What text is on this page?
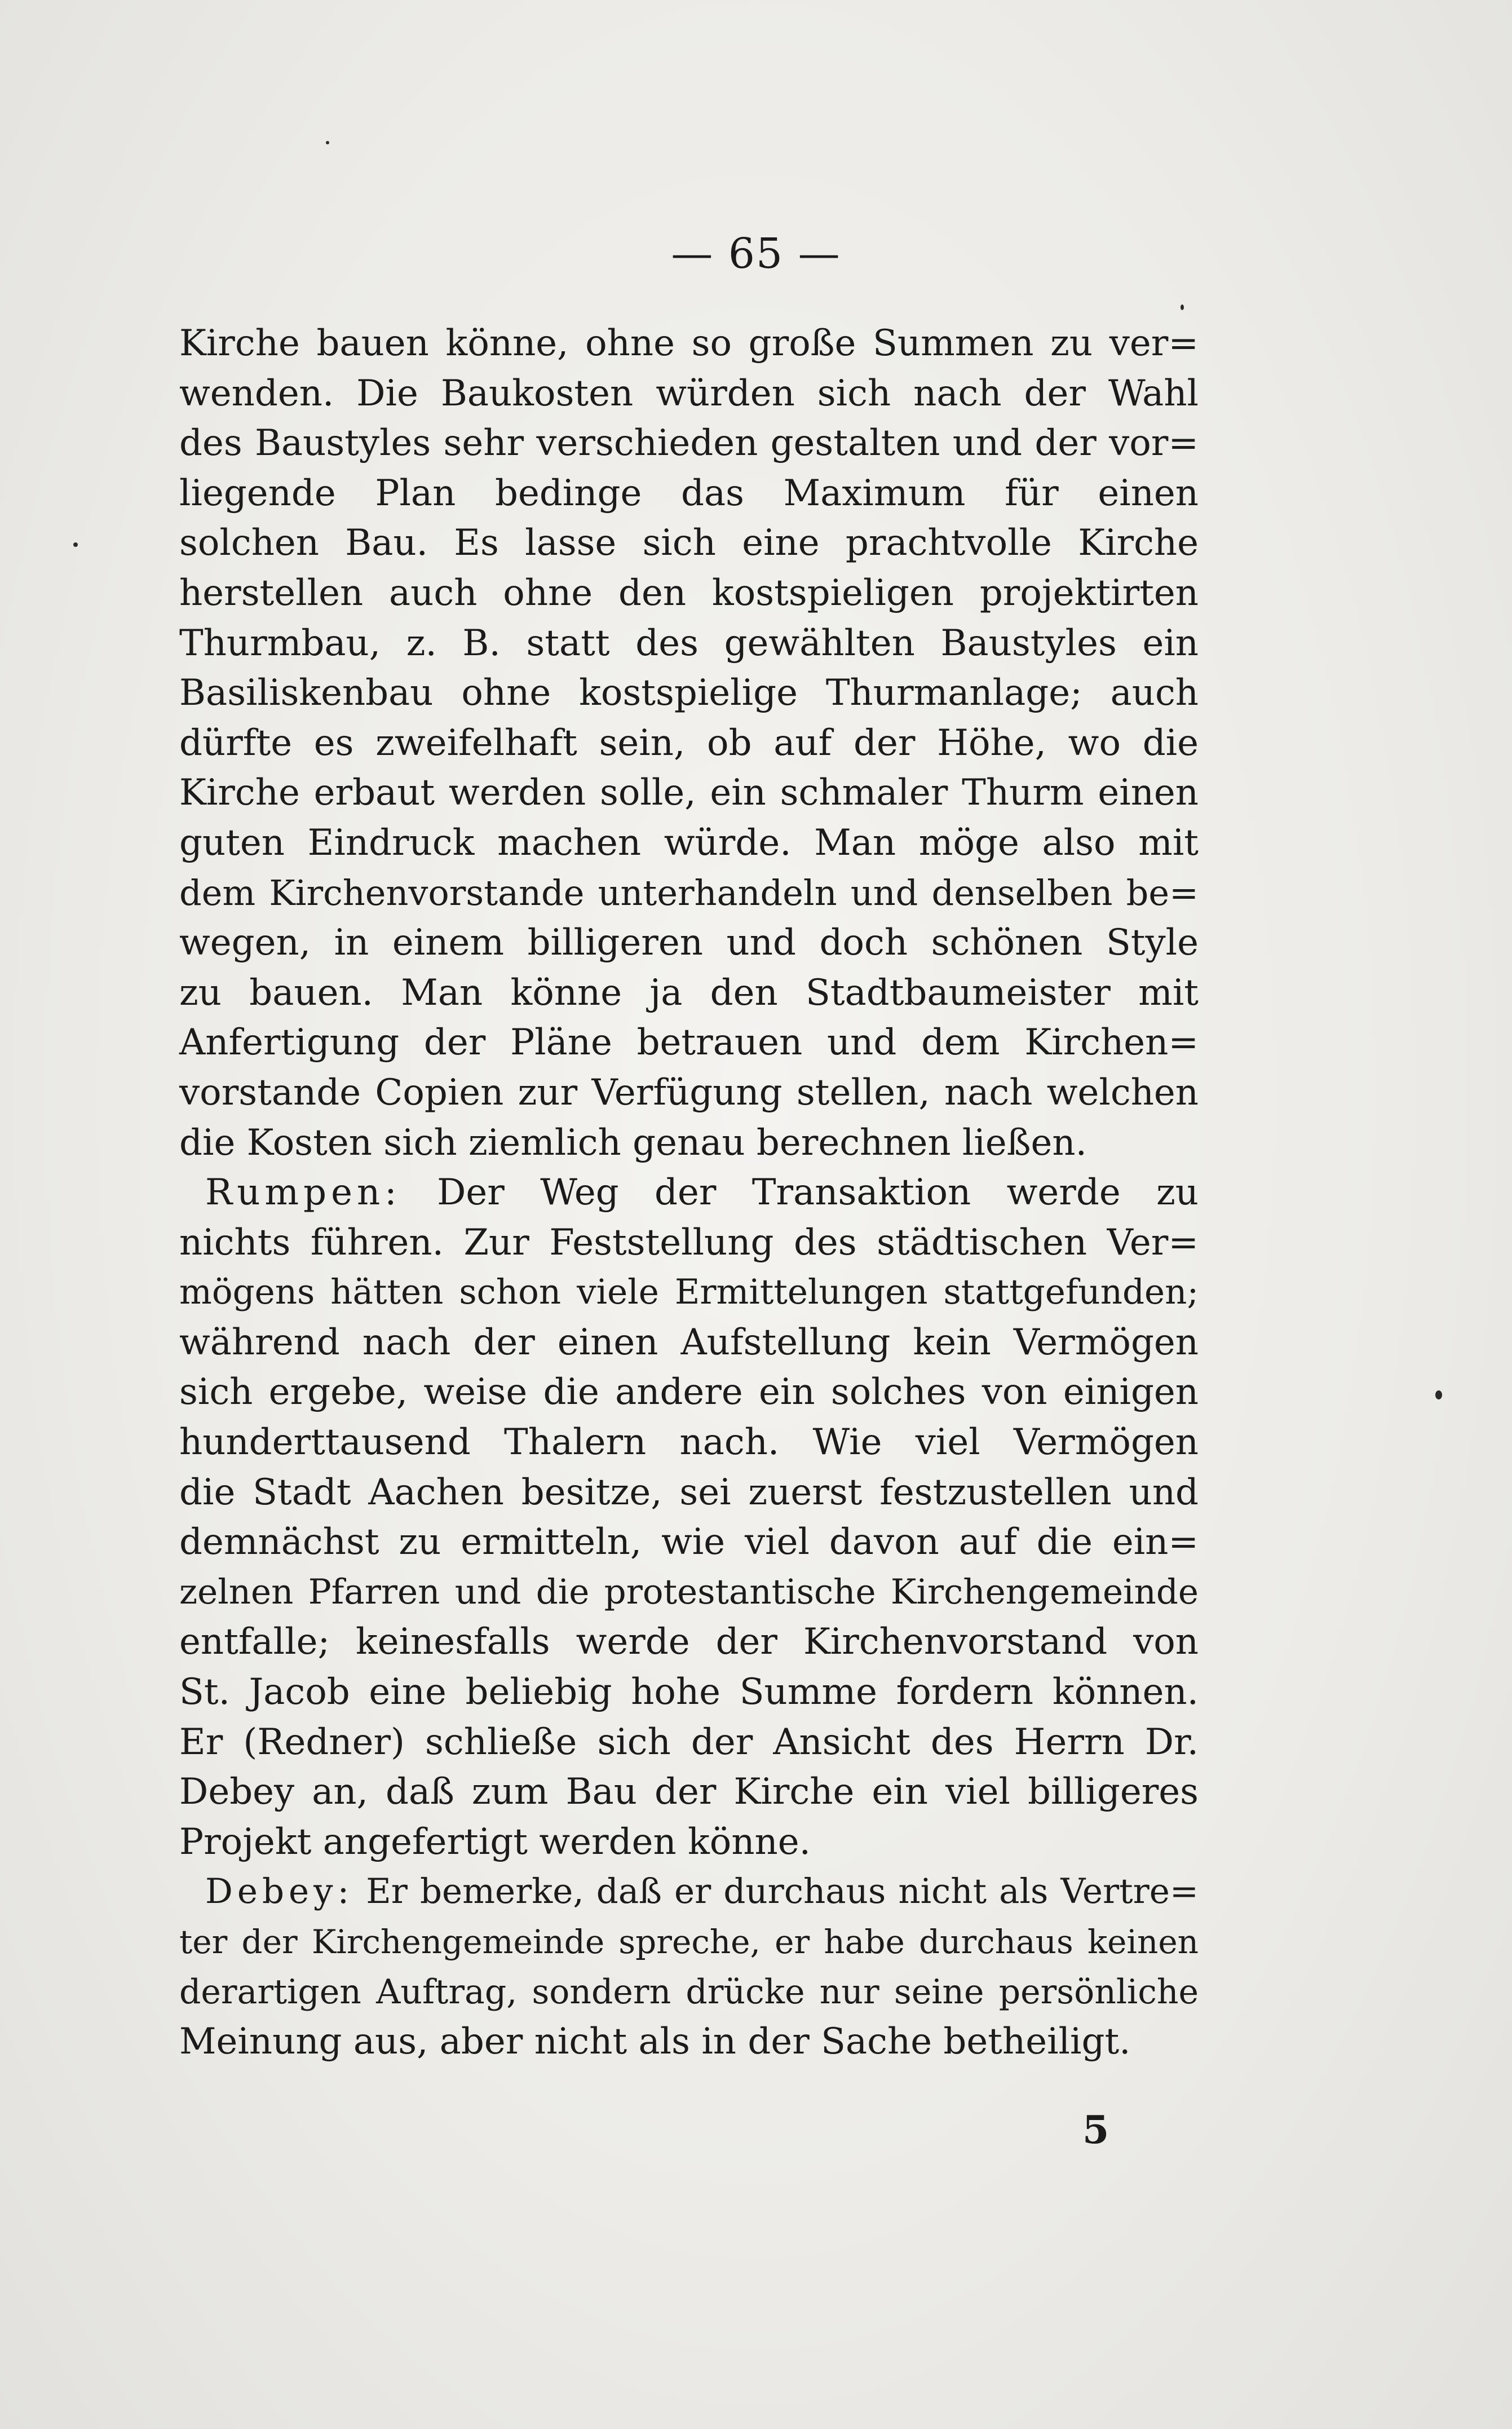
— 65 —
Kirche bauen könne, ohne so große Summen zu ver=
wenden. Die Baukosten würden sich nach der Wahl
des Baustyles sehr verschieden gestalten und der vor=
liegende Plan bedinge das Maximum für einen
solchen Bau. Es lasse sich eine prachtvolle Kirche
herstellen auch ohne den kostspieligen projektirten
Thurmbau, z. B. statt des gewählten Baustyles ein
Basiliskenbau ohne kostspielige Thurmanlage; auch
dürfte es zweifelhaft sein, ob auf der Höhe, wo die
Kirche erbaut werden solle, ein schmaler Thurm einen
guten Eindruck machen würde. Man möge also mit
dem Kirchenvorstande unterhandeln und denselben be=
wegen, in einem billigeren und doch schönen Style
zu bauen. Man könne ja den Stadtbaumeister mit
Anfertigung der Pläne betrauen und dem Kirchen=
vorstande Copien zur Verfügung stellen, nach welchen
die Kosten sich ziemlich genau berechnen ließen.
Rumpen: Der Weg der Transaktion werde zu
nichts führen. Zur Feststellung des städtischen Ver=
mögens hätten schon viele Ermittelungen stattgefunden;
während nach der einen Aufstellung kein Vermögen
sich ergebe, weise die andere ein solches von einigen
hunderttausend Thalern nach. Wie viel Vermögen
die Stadt Aachen besitze, sei zuerst festzustellen und
demnächst zu ermitteln, wie viel davon auf die ein=
zelnen Pfarren und die protestantische Kirchengemeinde
entfalle; keinesfalls werde der Kirchenvorstand von
St. Jacob eine beliebig hohe Summe fordern können.
Er (Redner) schließe sich der Ansicht des Herrn Dr.
Debey an, daß zum Bau der Kirche ein viel billigeres
Projekt angefertigt werden könne.
Debey: Er bemerke, daß er durchaus nicht als Vertre=
ter der Kirchengemeinde spreche, er habe durchaus keinen
derartigen Auftrag, sondern drücke nur seine persönliche
Meinung aus, aber nicht als in der Sache betheiligt.
5
